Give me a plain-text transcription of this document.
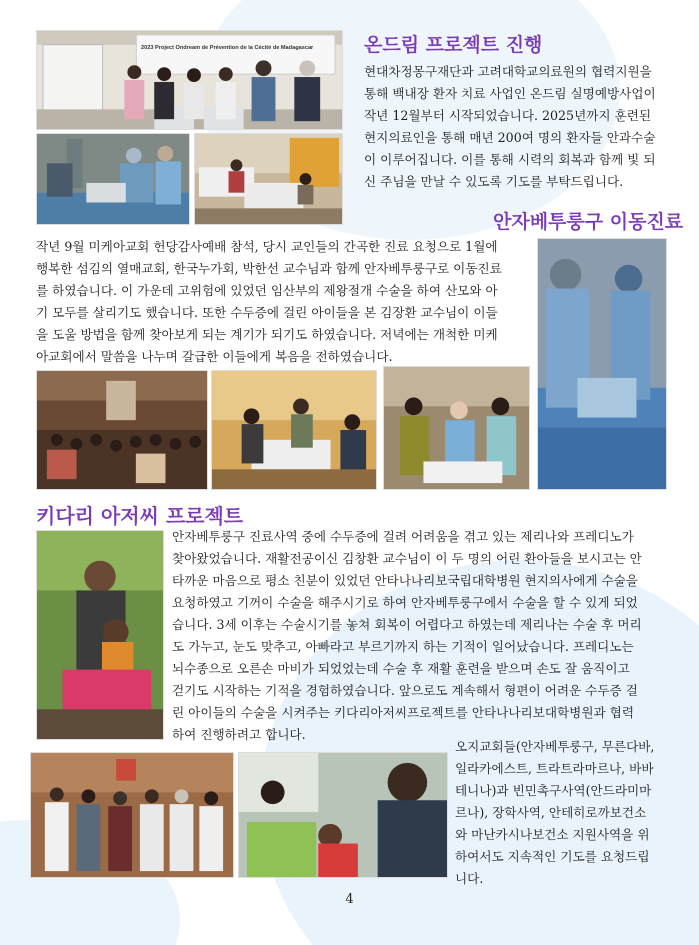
2023 Project Ondream de Prévention de la Cécité de Madagascar	온드림 프로젝트 진행
현대차정몽구재단과 고려대학교의료원의 협력지원을
통해 백내장 환자 치료 사업인 온드림 실명예방사업이
작년 12월부터 시작되었습니다. 2025년까지 훈련된
현지의료인을 통해 매년 200여 명의 환자들 안과수술
이 이루어집니다. 이를 통해 시력의 회복과 함께 빛 되
신 주님을 만날 수 있도록 기도를 부탁드립니다.
안자베투룽구 이동진료
작년 9월 미케아교회 헌당감사예배 참석, 당시 교인들의 간곡한 진료 요청으로 1월에
행복한 섬김의 열매교회, 한국누가회, 박한선 교수님과 함께 안자베투룽구로 이동진료
를 하였습니다. 이 가운데 고위험에 있었던 임산부의 제왕절개 수술을 하여 산모와 아
기 모두를 살리기도 했습니다. 또한 수두증에 걸린 아이들을 본 김장환 교수님이 이들
을 도울 방법을 함께 찾아보게 되는 계기가 되기도 하였습니다. 저녁에는 개척한 미케
아교회에서 말씀을 나누며 갈급한 이들에게 복음을 전하였습니다.
키다리 아저씨 프로젝트
안자베투룽구 진료사역 중에 수두증에 걸려 어려움을 겪고 있는 제리나와 프레디노가
찾아왔었습니다. 재활전공이신 김창환 교수님이 이 두 명의 어린 환아들을 보시고는 안
타까운 마음으로 평소 친분이 있었던 안타나나리보국립대학병원 현지의사에게 수술을
요청하였고 기꺼이 수술을 해주시기로 하여 안자베투룽구에서 수술을 할 수 있게 되었
습니다. 3세 이후는 수술시기를 놓쳐 회복이 어렵다고 하였는데 제리나는 수술 후 머리
도 가누고, 눈도 맞추고, 아빠라고 부르기까지 하는 기적이 일어났습니다. 프레디노는
뇌수종으로 오른손 마비가 되었었는데 수술 후 재활 훈련을 받으며 손도 잘 움직이고
걷기도 시작하는 기적을 경험하였습니다. 앞으로도 계속해서 형편이 어려운 수두증 걸
린 아이들의 수술을 시켜주는 키다리아저씨프로젝트를 안타나나리보대학병원과 협력
하여 진행하려고 합니다.
오지교회들(안자베투룽구, 무른다바,
일라카에스트, 트라트라마르나, 바바
테니나)과 빈민촉구사역(안드라미마
르나), 장학사역, 안테히로까보건소
와 마난카시나보건소 지원사역을 위
하여서도 지속적인 기도를 요청드립
니다.
4
